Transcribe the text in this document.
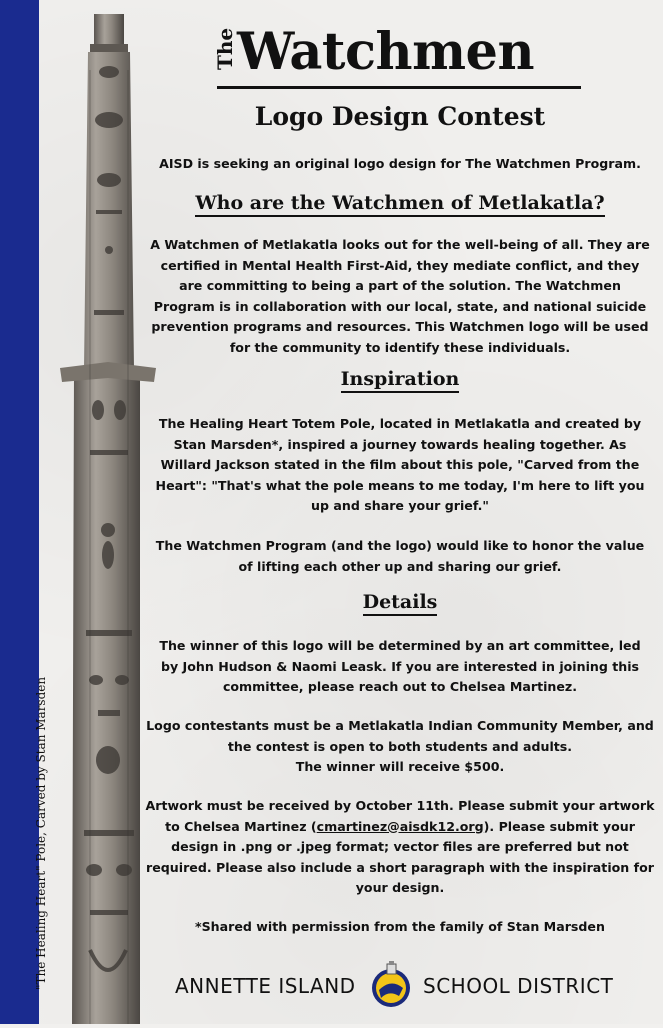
"The Healing Heart" Pole, Carved by Stan Marsden
The Watchmen
Logo Design Contest
AISD is seeking an original logo design for The Watchmen Program.
Who are the Watchmen of Metlakatla?
A Watchmen of Metlakatla looks out for the well-being of all. They are certified in Mental Health First-Aid, they mediate conflict, and they are committing to being a part of the solution. The Watchmen Program is in collaboration with our local, state, and national suicide prevention programs and resources. This Watchmen logo will be used for the community to identify these individuals.
Inspiration
The Healing Heart Totem Pole, located in Metlakatla and created by Stan Marsden*, inspired a journey towards healing together. As Willard Jackson stated in the film about this pole, "Carved from the Heart": "That's what the pole means to me today, I'm here to lift you up and share your grief."
The Watchmen Program (and the logo) would like to honor the value of lifting each other up and sharing our grief.
Details
The winner of this logo will be determined by an art committee, led by John Hudson & Naomi Leask. If you are interested in joining this committee, please reach out to Chelsea Martinez.
Logo contestants must be a Metlakatla Indian Community Member, and the contest is open to both students and adults.
The winner will receive $500.
Artwork must be received by October 11th. Please submit your artwork to Chelsea Martinez (cmartinez@aisdk12.org). Please submit your design in .png or .jpeg format; vector files are preferred but not required. Please also include a short paragraph with the inspiration for your design.
*Shared with permission from the family of Stan Marsden
ANNETTE ISLAND	SCHOOL DISTRICT
